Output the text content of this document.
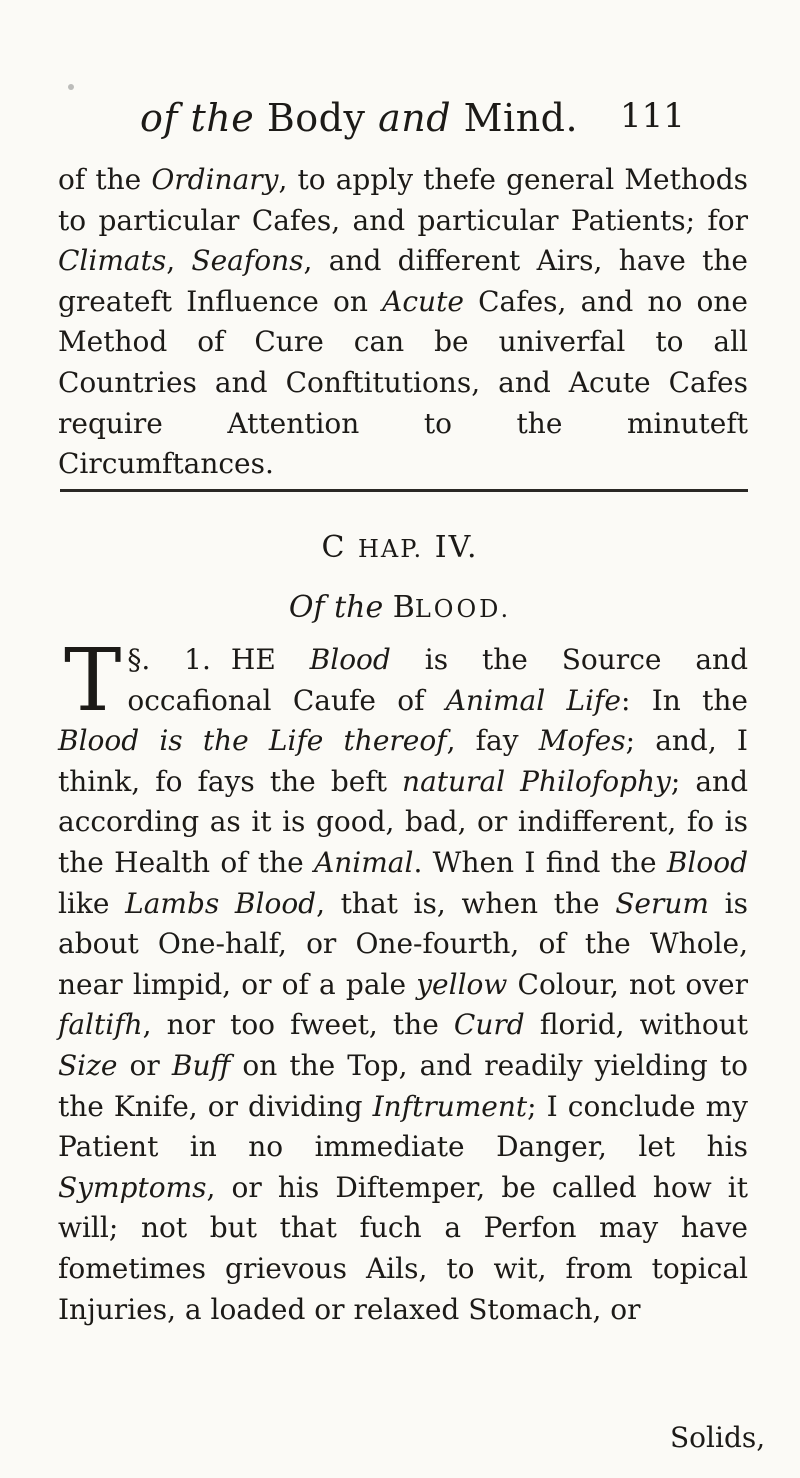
of the Body and Mind. 111
of the Ordinary, to apply thefe general Methods to particular Cafes, and particular Patients; for Climats, Seafons, and different Airs, have the greateft Influence on Acute Cafes, and no one Method of Cure can be univerfal to all Countries and Conftitutions, and Acute Cafes require Attention to the minuteft Circumftances.
C HAP. IV.
Of the BLOOD.
§. 1.
T	HE Blood is the Source and occafional Caufe of Animal Life: In the Blood is the Life thereof, fay Mofes; and, I think, fo fays the beft natural Philofophy; and according as it is good, bad, or indifferent, fo is the Health of the Animal. When I find the Blood like Lambs Blood, that is, when the Serum is about One-half, or One-fourth, of the Whole, near limpid, or of a pale yellow Colour, not over faltifh, nor too fweet, the Curd florid, without Size or Buff on the Top, and readily yielding to the Knife, or dividing Inftrument; I conclude my Patient in no immediate Danger, let his Symptoms, or his Diftemper, be called how it will; not but that fuch a Perfon may have fometimes grievous Ails, to wit, from topical Injuries, a loaded or relaxed Stomach, or
Solids,
